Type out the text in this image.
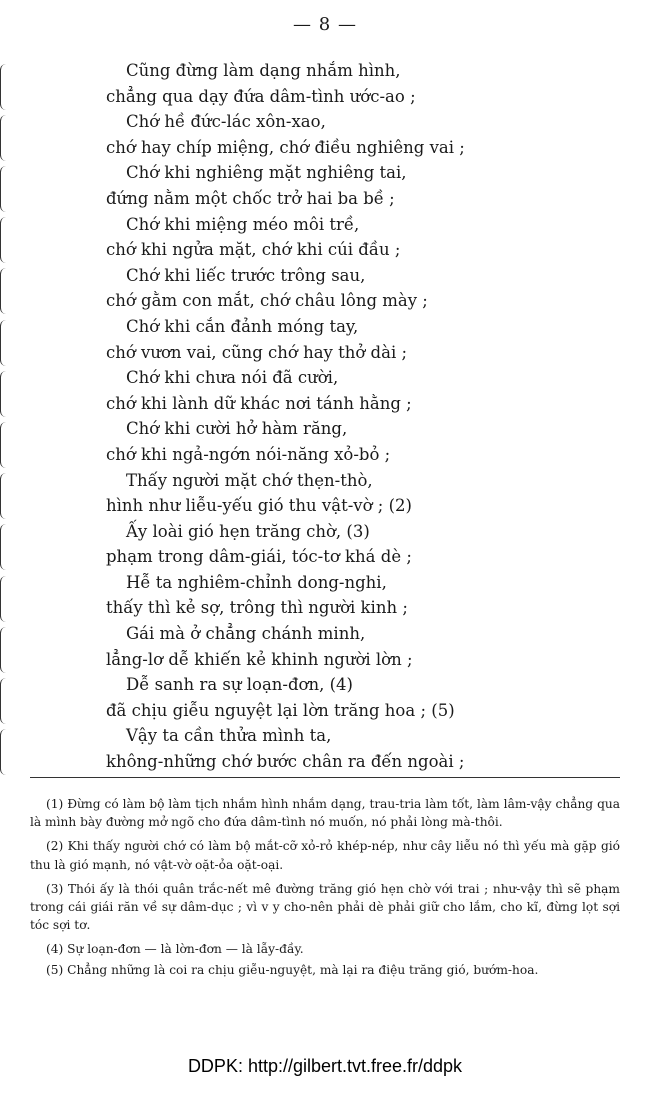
— 8 —
Cũng đừng làm dạng nhắm hình,
chẳng qua dạy đứa dâm-tình ước-ao ;
Chớ hề đức-lác xôn-xao,
chớ hay chíp miệng, chớ điều nghiêng vai ;
Chớ khi nghiêng mặt nghiêng tai,
đứng nằm một chốc trở hai ba bề ;
Chớ khi miệng méo môi trề,
chớ khi ngửa mặt, chớ khi cúi đầu ;
Chớ khi liếc trước trông sau,
chớ gằm con mắt, chớ châu lông mày ;
Chớ khi cắn đảnh móng tay,
chớ vươn vai, cũng chớ hay thở dài ;
Chớ khi chưa nói đã cười,
chớ khi lành dữ khác nơi tánh hằng ;
Chớ khi cười hở hàm răng,
chớ khi ngả-ngớn nói-năng xỏ-bỏ ;
Thấy người mặt chớ thẹn-thò,
hình như liễu-yếu gió thu vật-vờ ; (2)
Ấy loài gió hẹn trăng chờ, (3)
phạm trong dâm-giái, tóc-tơ khá dè ;
Hễ ta nghiêm-chỉnh dong-nghi,
thấy thì kẻ sợ, trông thì người kinh ;
Gái mà ở chẳng chánh minh,
lẳng-lơ dễ khiến kẻ khinh người lờn ;
Dễ sanh ra sự loạn-đơn, (4)
đã chịu giễu nguyệt lại lờn trăng hoa ; (5)
Vậy ta cần thửa mình ta,
không-những chớ bước chân ra đến ngoài ;

(1) Đừng có làm bộ làm tịch nhắm hình nhắm dạng, trau-tria làm tốt, làm lâm-vậy chẳng qua là mình bày đường mở ngõ cho đứa dâm-tình nó muốn, nó phải lòng mà-thôi.

(2) Khi thấy người chớ có làm bộ mắt-cỡ xỏ-rỏ khép-nép, như cây liễu nó thì yếu mà gặp gió thu là gió mạnh, nó vật-vờ oặt-ỏa oặt-oại.

(3) Thói ấy là thói quân trắc-nết mê đường trăng gió hẹn chờ với trai ; như-vậy thì sẽ phạm trong cái giái răn về sự dâm-dục ; vì v y cho-nên phải dè phải giữ cho lắm, cho kĩ, đừng lọt sợi tóc sợi tơ.

(4) Sự loạn-đơn — là lờn-đơn — là lẫy-đầy.

(5) Chẳng những là coi ra chịu giễu-nguyệt, mà lại ra điệu trăng gió, bướm-hoa.

DDPK: http://gilbert.tvt.free.fr/ddpk
